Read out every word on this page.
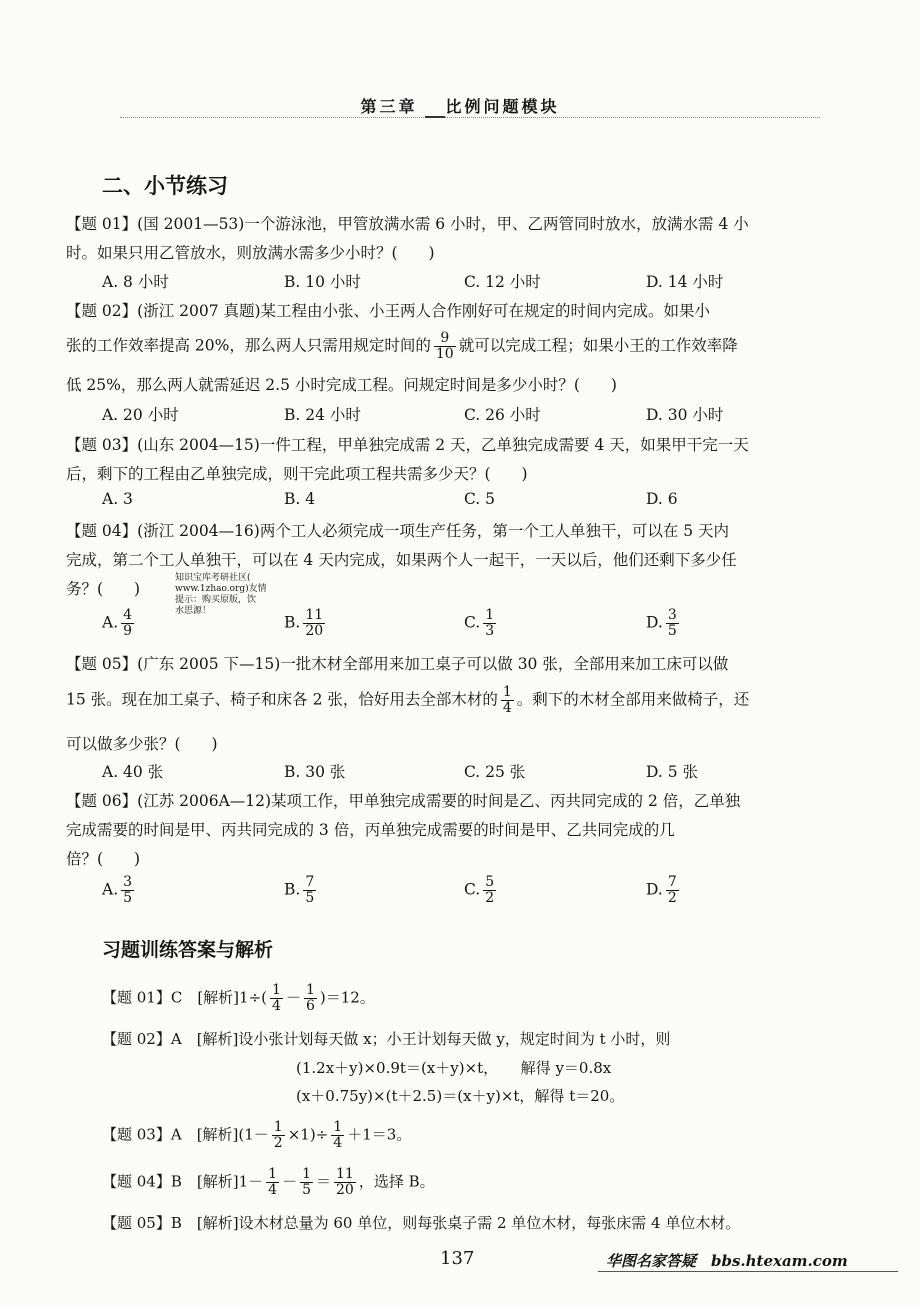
第三章 比例问题模块
二、小节练习
【题 01】(国 2001—53)一个游泳池，甲管放满水需 6 小时，甲、乙两管同时放水，放满水需 4 小
时。如果只用乙管放水，则放满水需多少小时？(　　)
A. 8 小时	B. 10 小时	C. 12 小时	D. 14 小时
【题 02】(浙江 2007 真题)某工程由小张、小王两人合作刚好可在规定的时间内完成。如果小
张的工作效率提高 20%，那么两人只需用规定时间的 $\frac{9}{10}$ 就可以完成工程；如果小王的工作效率降
低 25%，那么两人就需延迟 2.5 小时完成工程。问规定时间是多少小时？(　　)
A. 20 小时	B. 24 小时	C. 26 小时	D. 30 小时
【题 03】(山东 2004—15)一件工程，甲单独完成需 2 天，乙单独完成需要 4 天，如果甲干完一天
后，剩下的工程由乙单独完成，则干完此项工程共需多少天？(　　)
A. 3	B. 4	C. 5	D. 6
【题 04】(浙江 2004—16)两个工人必须完成一项生产任务，第一个工人单独干，可以在 5 天内
完成，第二个工人单独干，可以在 4 天内完成，如果两个人一起干，一天以后，他们还剩下多少任
务？(　　)
知识宝库考研社区(
www.1zhao.org)友情
提示：购买原版，饮
水思源！
A. $\frac{4}{9}$	B. $\frac{11}{20}$	C. $\frac{1}{3}$	D. $\frac{3}{5}$
【题 05】(广东 2005 下—15)一批木材全部用来加工桌子可以做 30 张，全部用来加工床可以做
15 张。现在加工桌子、椅子和床各 2 张，恰好用去全部木材的 $\frac{1}{4}$ 。剩下的木材全部用来做椅子，还
可以做多少张？(　　)
A. 40 张	B. 30 张	C. 25 张	D. 5 张
【题 06】(江苏 2006A—12)某项工作，甲单独完成需要的时间是乙、丙共同完成的 2 倍，乙单独
完成需要的时间是甲、丙共同完成的 3 倍，丙单独完成需要的时间是甲、乙共同完成的几
倍？(　　)
A. $\frac{3}{5}$	B. $\frac{7}{5}$	C. $\frac{5}{2}$	D. $\frac{7}{2}$
习题训练答案与解析
【题 01】C　[解析]$1\div( \frac{1}{4} - \frac{1}{6} )=12$。
【题 02】A　[解析]设小张计划每天做 x；小王计划每天做 y，规定时间为 t 小时，则
(1.2x＋y)×0.9t＝(x＋y)×t，　　解得 y＝0.8x
(x＋0.75y)×(t＋2.5)＝(x＋y)×t，解得 t＝20。
【题 03】A　[解析]$(1- \frac{1}{2} \times 1)\div \frac{1}{4} +1=3$。
【题 04】B　[解析]$1- \frac{1}{4} - \frac{1}{5} = \frac{11}{20}$ ，选择 B。
【题 05】B　[解析]设木材总量为 60 单位，则每张桌子需 2 单位木材，每张床需 4 单位木材。
137	华图名家答疑　bbs.htexam.com
